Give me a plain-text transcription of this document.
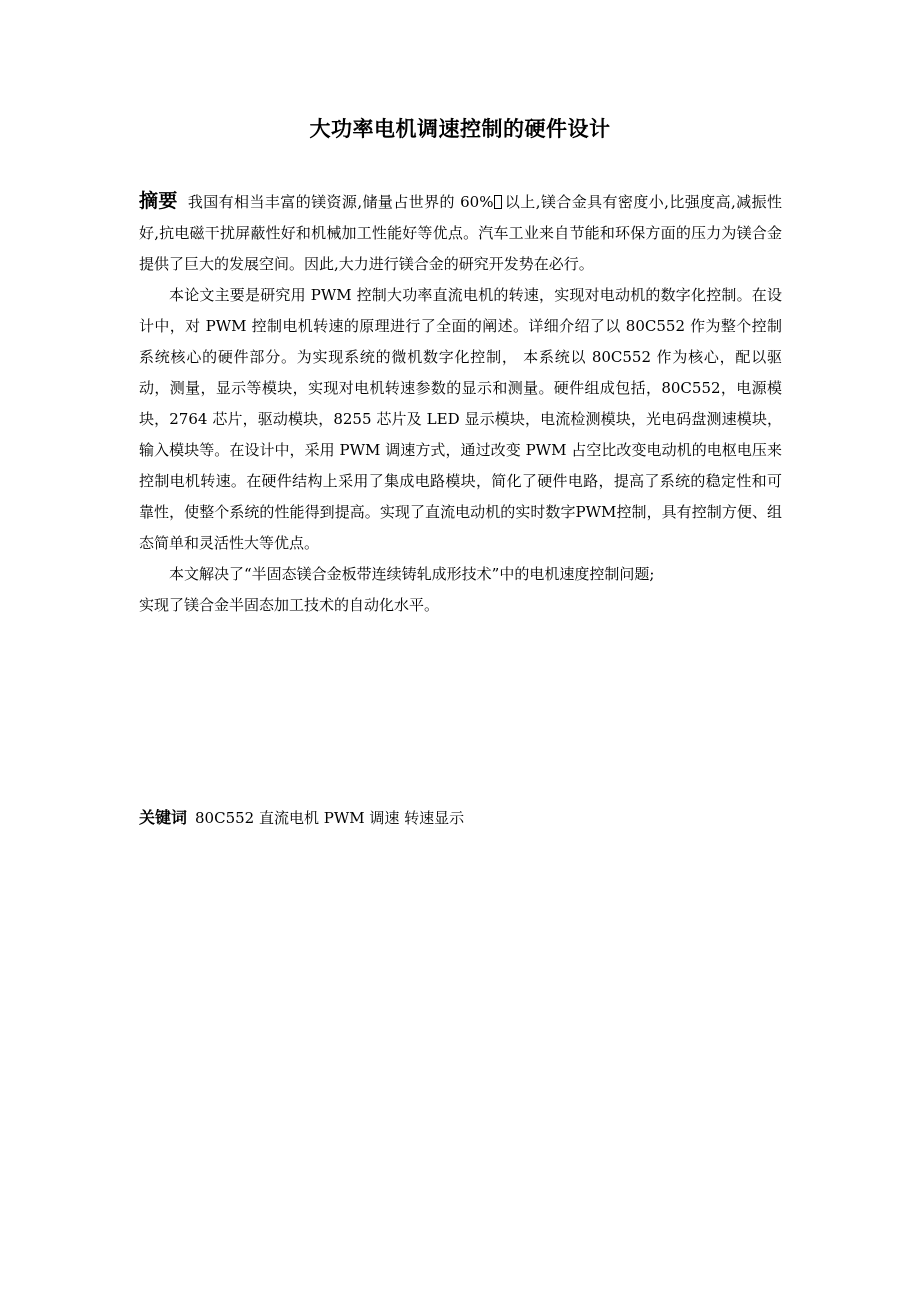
大功率电机调速控制的硬件设计

摘要 我国有相当丰富的镁资源,储量占世界的 60% 以上,镁合金具有密度小,比强度高,减振性好,抗电磁干扰屏蔽性好和机械加工性能好等优点。汽车工业来自节能和环保方面的压力为镁合金提供了巨大的发展空间。因此,大力进行镁合金的研究开发势在必行。

本论文主要是研究用 PWM 控制大功率直流电机的转速，实现对电动机的数字化控制。在设计中，对 PWM 控制电机转速的原理进行了全面的阐述。详细介绍了以 80C552 作为整个控制系统核心的硬件部分。为实现系统的微机数字化控制， 本系统以 80C552 作为核心，配以驱动，测量，显示等模块，实现对电机转速参数的显示和测量。硬件组成包括，80C552，电源模块，2764 芯片，驱动模块，8255 芯片及 LED 显示模块，电流检测模块，光电码盘测速模块，输入模块等。在设计中，采用 PWM 调速方式，通过改变 PWM 占空比改变电动机的电枢电压来控制电机转速。在硬件结构上采用了集成电路模块，简化了硬件电路，提高了系统的稳定性和可靠性，使整个系统的性能得到提高。实现了直流电动机的实时数字PWM控制，具有控制方便、组态简单和灵活性大等优点。

本文解决了“半固态镁合金板带连续铸轧成形技术”中的电机速度控制问题;

实现了镁合金半固态加工技术的自动化水平。

关键词 80C552 直流电机 PWM 调速 转速显示
